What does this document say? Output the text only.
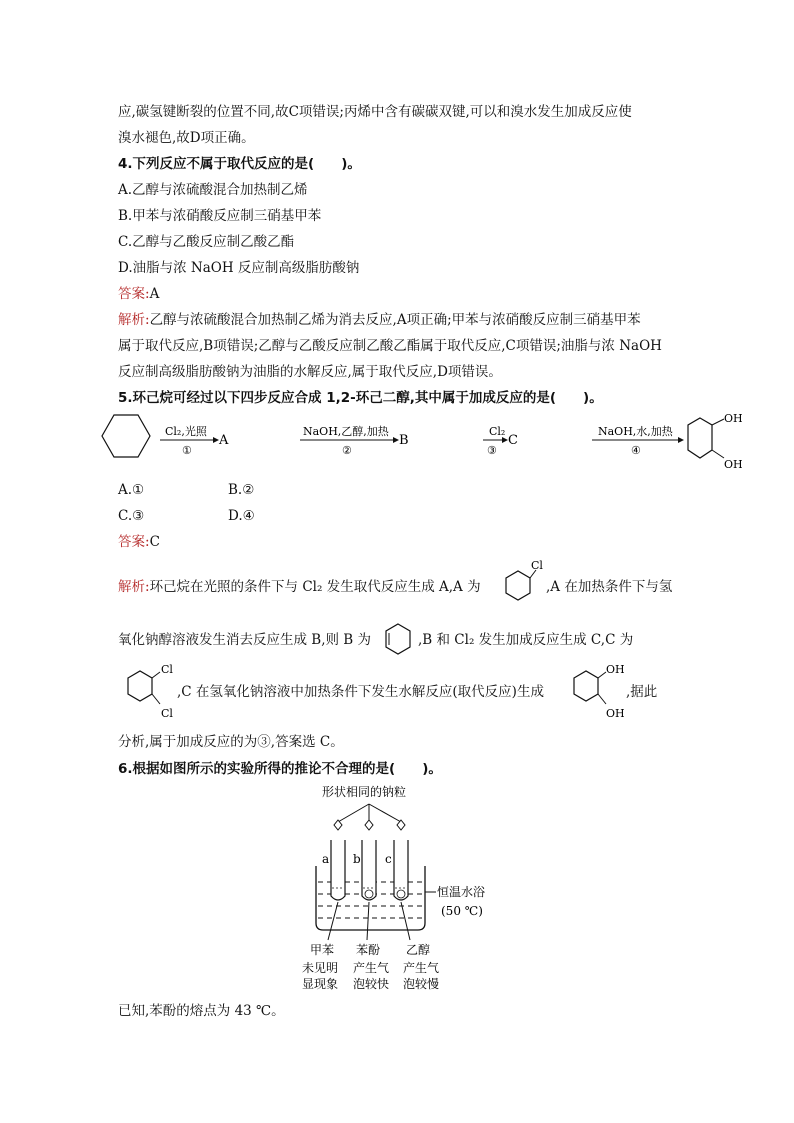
应,碳氢键断裂的位置不同,故C项错误;丙烯中含有碳碳双键,可以和溴水发生加成反应使
溴水褪色,故D项正确。
4.下列反应不属于取代反应的是(　　)。
A.乙醇与浓硫酸混合加热制乙烯
B.甲苯与浓硝酸反应制三硝基甲苯
C.乙醇与乙酸反应制乙酸乙酯
D.油脂与浓 NaOH 反应制高级脂肪酸钠
答案:A
解析:乙醇与浓硫酸混合加热制乙烯为消去反应,A项正确;甲苯与浓硝酸反应制三硝基甲苯
属于取代反应,B项错误;乙醇与乙酸反应制乙酸乙酯属于取代反应,C项错误;油脂与浓 NaOH
反应制高级脂肪酸钠为油脂的水解反应,属于取代反应,D项错误。
5.环己烷可经过以下四步反应合成 1,2-环己二醇,其中属于加成反应的是(　　)。
Cl₂,光照
①
A
NaOH,乙醇,加热
②
B
Cl₂
③
C
NaOH,水,加热
④
OH
OH
A.①	B.②
C.③	D.④
答案:C
解析:环己烷在光照的条件下与 Cl₂ 发生取代反应生成 A,A 为
Cl
,A 在加热条件下与氢
氧化钠醇溶液发生消去反应生成 B,则 B 为	,B 和 Cl₂ 发生加成反应生成 C,C 为
Cl
Cl
,C 在氢氧化钠溶液中加热条件下发生水解反应(取代反应)生成
OH
OH
,据此
分析,属于加成反应的为③,答案选 C。
6.根据如图所示的实验所得的推论不合理的是(　　)。
形状相同的钠粒
a b c
恒温水浴
(50 ℃)
甲苯 苯酚 乙醇
未见明
显现象
产生气
泡较快
产生气
泡较慢
已知,苯酚的熔点为 43 ℃。
